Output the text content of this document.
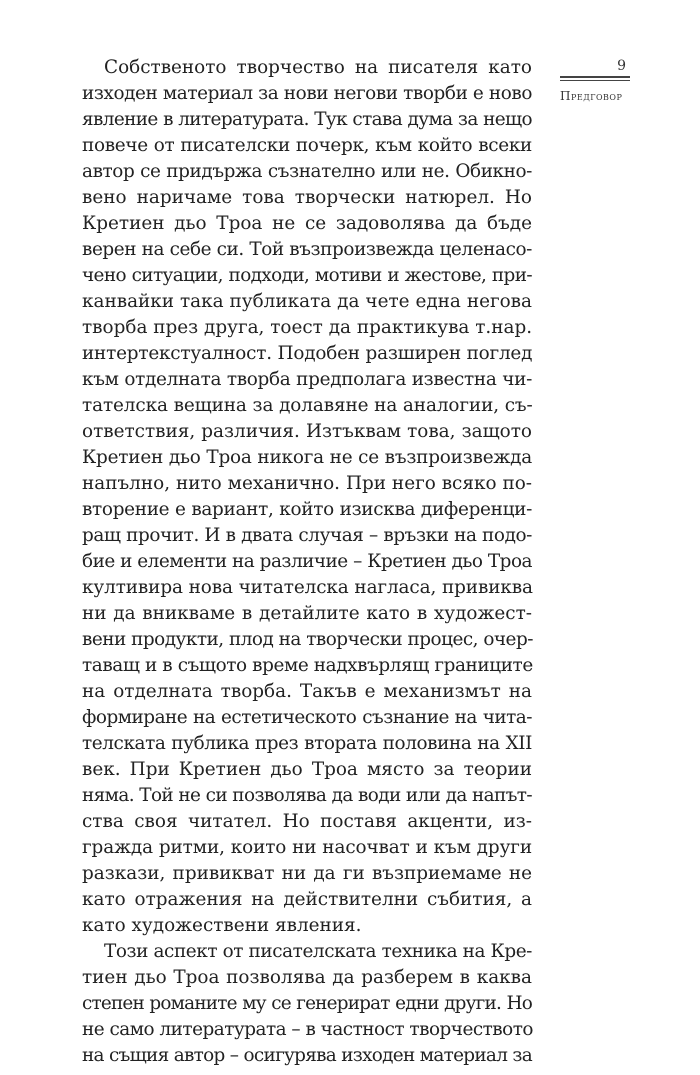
9
Предговор

Собственото творчество на писателя като
изходен материал за нови негови творби е ново
явление в литературата. Тук става дума за нещо
повече от писателски почерк, към който всеки
автор се придържа съзнателно или не. Обикно-
вено наричаме това творчески натюрел. Но
Кретиен дьо Троа не се задоволява да бъде
верен на себе си. Той възпроизвежда целенасо-
чено ситуации, подходи, мотиви и жестове, при-
канвайки така публиката да чете една негова
творба през друга, тоест да практикува т.нар.
интертекстуалност. Подобен разширен поглед
към отделната творба предполага известна чи-
тателска вещина за долавяне на аналогии, съ-
ответствия, различия. Изтъквам това, защото
Кретиен дьо Троа никога не се възпроизвежда
напълно, нито механично. При него всяко по-
вторение е вариант, който изисква диференци-
ращ прочит. И в двата случая – връзки на подо-
бие и елементи на различие – Кретиен дьо Троа
култивира нова читателска нагласа, привиква
ни да вникваме в детайлите като в художест-
вени продукти, плод на творчески процес, очер-
таващ и в същото време надхвърлящ границите
на отделната творба. Такъв е механизмът на
формиране на естетическото съзнание на чита-
телската публика през втората половина на XII
век. При Кретиен дьо Троа място за теории
няма. Той не си позволява да води или да напът-
ства своя читател. Но поставя акценти, из-
гражда ритми, които ни насочват и към други
разкази, привикват ни да ги възприемаме не
като отражения на действителни събития, а
като художествени явления.

Този аспект от писателската техника на Кре-
тиен дьо Троа позволява да разберем в каква
степен романите му се генерират едни други. Но
не само литературата – в частност творчеството
на същия автор – осигурява изходен материал за
